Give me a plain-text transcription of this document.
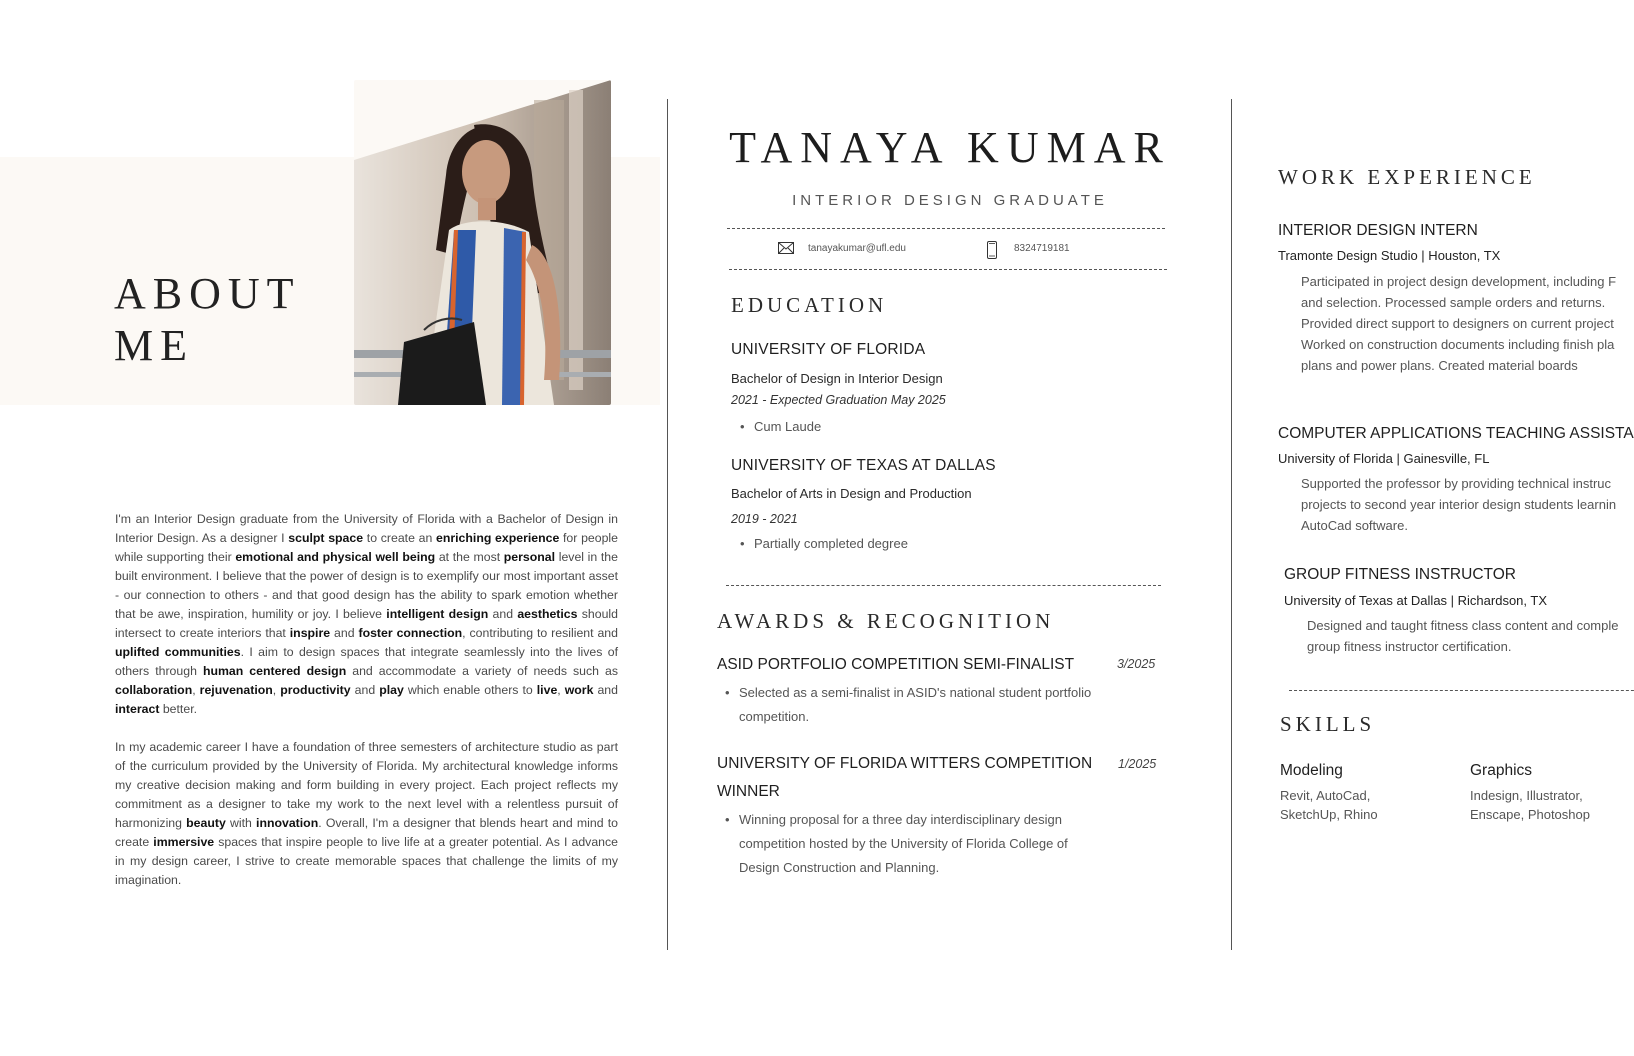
ABOUT
ME

I'm an Interior Design graduate from the University of Florida with a Bachelor of Design in Interior Design. As a designer I sculpt space to create an enriching experience for people while supporting their emotional and physical well being at the most personal level in the built environment. I believe that the power of design is to exemplify our most important asset - our connection to others - and that good design has the ability to spark emotion whether that be awe, inspiration, humility or joy. I believe intelligent design and aesthetics should intersect to create interiors that inspire and foster connection, contributing to resilient and uplifted communities. I aim to design spaces that integrate seamlessly into the lives of others through human centered design and accommodate a variety of needs such as collaboration, rejuvenation, productivity and play which enable others to live, work and interact better.

In my academic career I have a foundation of three semesters of architecture studio as part of the curriculum provided by the University of Florida. My architectural knowledge informs my creative decision making and form building in every project. Each project reflects my commitment as a designer to take my work to the next level with a relentless pursuit of harmonizing beauty with innovation. Overall, I'm a designer that blends heart and mind to create immersive spaces that inspire people to live life at a greater potential. As I advance in my design career, I strive to create memorable spaces that challenge the limits of my imagination.

TANAYA KUMAR
INTERIOR DESIGN GRADUATE
tanayakumar@ufl.edu	8324719181
EDUCATION
UNIVERSITY OF FLORIDA
Bachelor of Design in Interior Design
2021 - Expected Graduation May 2025
• Cum Laude
UNIVERSITY OF TEXAS AT DALLAS
Bachelor of Arts in Design and Production
2019 - 2021
• Partially completed degree
AWARDS & RECOGNITION
ASID PORTFOLIO COMPETITION SEMI-FINALIST	3/2025
• Selected as a semi-finalist in ASID's national student portfolio competition.
UNIVERSITY OF FLORIDA WITTERS COMPETITION WINNER
1/2025
• Winning proposal for a three day interdisciplinary design competition hosted by the University of Florida College of Design Construction and Planning.
WORK EXPERIENCE
INTERIOR DESIGN INTERN
Tramonte Design Studio | Houston, TX
• Participated in project design development, including F
and selection. Processed sample orders and returns.
• Provided direct support to designers on current project
• Worked on construction documents including finish pla
plans and power plans. Created material boards
COMPUTER APPLICATIONS TEACHING ASSISTA
University of Florida | Gainesville, FL
• Supported the professor by providing technical instruc
projects to second year interior design students learnin
AutoCad software.
GROUP FITNESS INSTRUCTOR
University of Texas at Dallas | Richardson, TX
• Designed and taught fitness class content and comple
group fitness instructor certification.
SKILLS
Modeling
Revit, AutoCad,
SketchUp, Rhino
Graphics
Indesign, Illustrator,
Enscape, Photoshop
